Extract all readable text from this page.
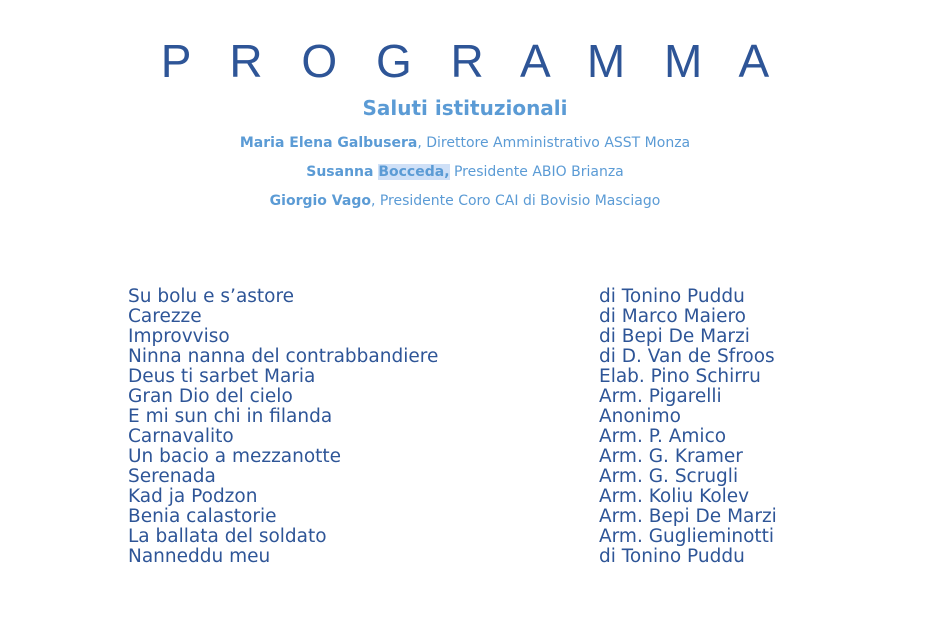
P R O G R A M M A
Saluti istituzionali
Maria Elena Galbusera, Direttore Amministrativo ASST Monza
Susanna Bocceda, Presidente ABIO Brianza
Giorgio Vago, Presidente Coro CAI di Bovisio Masciago
Su bolu e s’astore	di Tonino Puddu
Carezze	di Marco Maiero
Improvviso	di Bepi De Marzi
Ninna nanna del contrabbandiere	di D. Van de Sfroos
Deus ti sarbet Maria	Elab. Pino Schirru
Gran Dio del cielo	Arm. Pigarelli
E mi sun chi in filanda	Anonimo
Carnavalito	Arm. P. Amico
Un bacio a mezzanotte	Arm. G. Kramer
Serenada	Arm. G. Scrugli
Kad ja Podzon	Arm. Koliu Kolev
Benia calastorie	Arm. Bepi De Marzi
La ballata del soldato	Arm. Guglieminotti
Nanneddu meu	di Tonino Puddu
